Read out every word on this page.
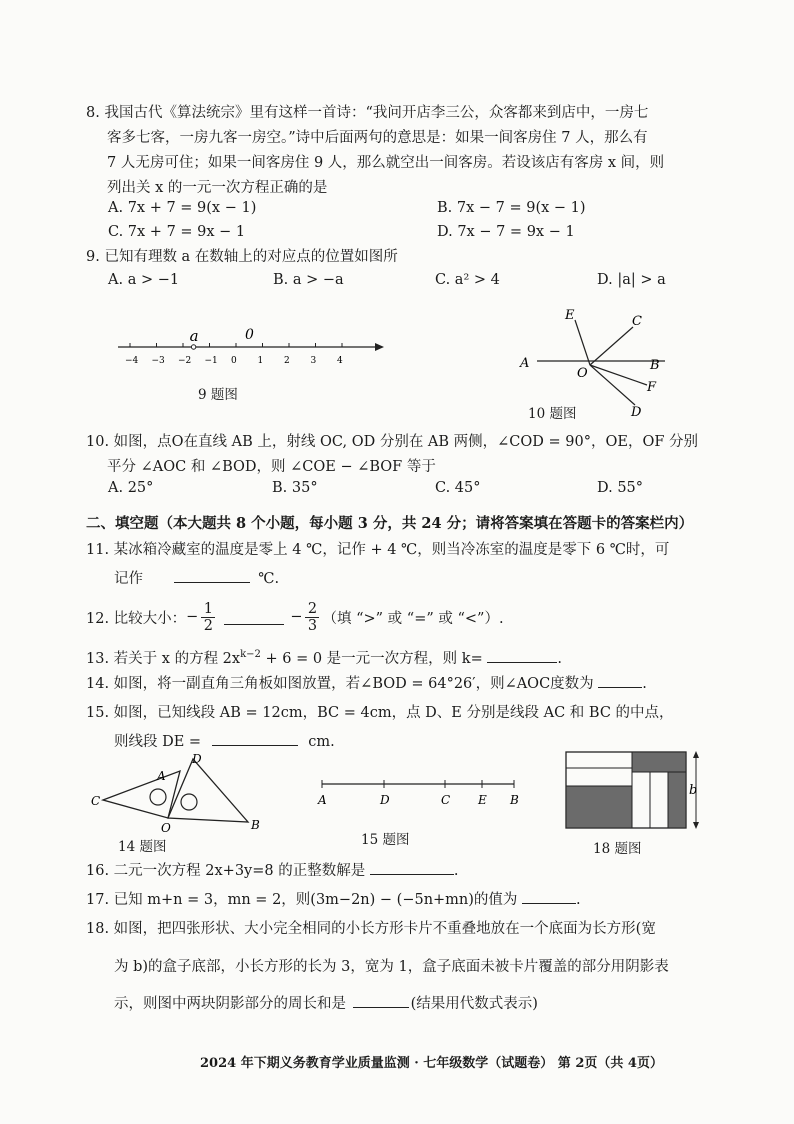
8. 我国古代《算法统宗》里有这样一首诗：“我问开店李三公，众客都来到店中，一房七
客多七客，一房九客一房空。”诗中后面两句的意思是：如果一间客房住 7 人，那么有
7 人无房可住；如果一间客房住 9 人，那么就空出一间客房。若设该店有客房 x 间，则
列出关 x 的一元一次方程正确的是
A. 7x + 7 = 9(x − 1)	B. 7x − 7 = 9(x − 1)
C. 7x + 7 = 9x − 1	D. 7x − 7 = 9x − 1
9. 已知有理数 a 在数轴上的对应点的位置如图所
A. a > −1	B. a > −a	C. a² > 4	D. |a| > a
−4 −3 −2 −1 0 1 2 3 4
a	0
9 题图
E	C
A
O
B
F
D
10 题图
10. 如图，点O在直线 AB 上，射线 OC, OD 分别在 AB 两侧，∠COD = 90°，OE，OF 分别
平分 ∠AOC 和 ∠BOD，则 ∠COE − ∠BOF 等于
A. 25°	B. 35°	C. 45°	D. 55°
二、填空题（本大题共 8 个小题，每小题 3 分，共 24 分；请将答案填在答题卡的答案栏内）
11. 某冰箱冷藏室的温度是零上 4 ℃，记作 + 4 ℃，则当冷冻室的温度是零下 6 ℃时，可
记作	℃.
12. 比较大小： −
1
2
−
2
3 （填 “>” 或 “=” 或 “<”）.
13. 若关于 x 的方程 $2x^{k-2} + 6 = 0$ 是一元一次方程，则 k=	.
14. 如图，将一副直角三角板如图放置，若∠BOD = 64°26′，则∠AOC度数为	.
15. 如图，已知线段 AB = 12cm，BC = 4cm，点 D、E 分别是线段 AC 和 BC 的中点，
则线段 DE =	cm.
D
A
C
O	B
14 题图
A	D	C E B
15 题图
b
18 题图
16. 二元一次方程 2x+3y=8 的正整数解是	.
17. 已知 m+n = 3，mn = 2，则(3m−2n) − (−5n+mn)的值为	.
18. 如图，把四张形状、大小完全相同的小长方形卡片不重叠地放在一个底面为长方形(宽
为 b)的盒子底部，小长方形的长为 3，宽为 1，盒子底面未被卡片覆盖的部分用阴影表
示，则图中两块阴影部分的周长和是	(结果用代数式表示)
2024 年下期义务教育学业质量监测 · 七年级数学（试题卷） 第 2页（共 4页）
